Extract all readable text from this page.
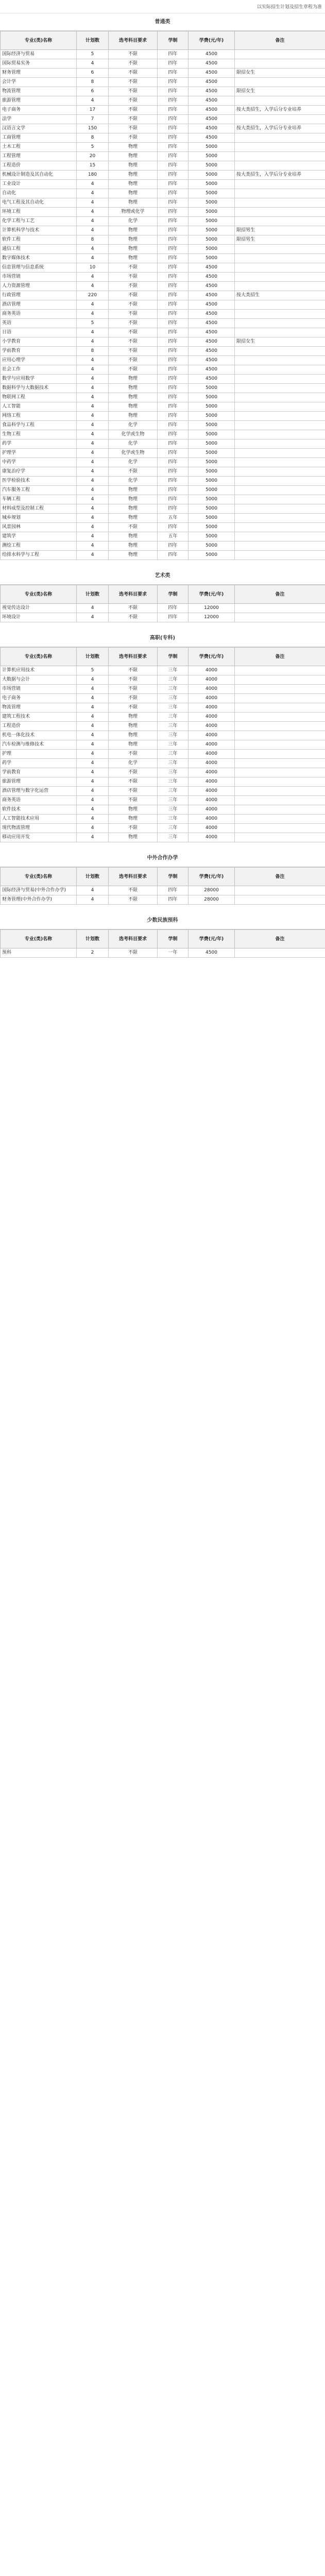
以实际招生计划及招生章程为准
普通类
专业(类)名称	计划数	选考科目要求	学制	学费(元/年)	备注
国际经济与贸易	5	不限	四年	4500	
国际贸易实务	4	不限	四年	4500	
财务管理	6	不限	四年	4500	限招女生
会计学	8	不限	四年	4500	
物流管理	6	不限	四年	4500	限招女生
旅游管理	4	不限	四年	4500	
电子商务	17	不限	四年	4500	按大类招生，入学后分专业培养
法学	7	不限	四年	4500	
汉语言文学	150	不限	四年	4500	按大类招生，入学后分专业培养
工商管理	8	不限	四年	4500	
土木工程	5	物理	四年	5000	
工程管理	20	物理	四年	5000	
工程造价	15	物理	四年	5000	
机械设计制造及其自动化	180	物理	四年	5000	按大类招生，入学后分专业培养
工业设计	4	物理	四年	5000	
自动化	4	物理	四年	5000	
电气工程及其自动化	4	物理	四年	5000	
环境工程	4	物理或化学	四年	5000	
化学工程与工艺	4	化学	四年	5000	
计算机科学与技术	4	物理	四年	5000	限招男生
软件工程	8	物理	四年	5000	限招男生
通信工程	4	物理	四年	5000	
数字媒体技术	4	物理	四年	5000	
信息管理与信息系统	10	不限	四年	4500	
市场营销	4	不限	四年	4500	
人力资源管理	4	不限	四年	4500	
行政管理	220	不限	四年	4500	按大类招生
酒店管理	4	不限	四年	4500	
商务英语	4	不限	四年	4500	
英语	5	不限	四年	4500	
日语	4	不限	四年	4500	
小学教育	4	不限	四年	4500	限招女生
学前教育	8	不限	四年	4500	
应用心理学	4	不限	四年	4500	
社会工作	4	不限	四年	4500	
数学与应用数学	4	物理	四年	4500	
数据科学与大数据技术	4	物理	四年	5000	
物联网工程	4	物理	四年	5000	
人工智能	4	物理	四年	5000	
网络工程	4	物理	四年	5000	
食品科学与工程	4	化学	四年	5000	
生物工程	4	化学或生物	四年	5000	
药学	4	化学	四年	5000	
护理学	4	化学或生物	四年	5000	
中药学	4	化学	四年	5000	
康复治疗学	4	不限	四年	5000	
医学检验技术	4	化学	四年	5000	
汽车服务工程	4	物理	四年	5000	
车辆工程	4	物理	四年	5000	
材料成型及控制工程	4	物理	四年	5000	
城乡规划	4	物理	五年	5000	
风景园林	4	不限	四年	5000	
建筑学	4	物理	五年	5000	
测绘工程	4	物理	四年	5000	
给排水科学与工程	4	物理	四年	5000	
艺术类
专业(类)名称	计划数	选考科目要求	学制	学费(元/年)	备注
视觉传达设计	4	不限	四年	12000	
环境设计	4	不限	四年	12000	
高职(专科)
专业(类)名称	计划数	选考科目要求	学制	学费(元/年)	备注
计算机应用技术	5	不限	三年	4000	
大数据与会计	4	不限	三年	4000	
市场营销	4	不限	三年	4000	
电子商务	4	不限	三年	4000	
物流管理	4	不限	三年	4000	
建筑工程技术	4	物理	三年	4000	
工程造价	4	物理	三年	4000	
机电一体化技术	4	物理	三年	4000	
汽车检测与维修技术	4	物理	三年	4000	
护理	4	不限	三年	4000	
药学	4	化学	三年	4000	
学前教育	4	不限	三年	4000	
旅游管理	4	不限	三年	4000	
酒店管理与数字化运营	4	不限	三年	4000	
商务英语	4	不限	三年	4000	
软件技术	4	物理	三年	4000	
人工智能技术应用	4	物理	三年	4000	
现代物流管理	4	不限	三年	4000	
移动应用开发	4	物理	三年	4000	
中外合作办学
专业(类)名称	计划数	选考科目要求	学制	学费(元/年)	备注
国际经济与贸易(中外合作办学)	4	不限	四年	28000	
财务管理(中外合作办学)	4	不限	四年	28000	
少数民族预科
专业(类)名称	计划数	选考科目要求	学制	学费(元/年)	备注
预科	2	不限	一年	4500	
